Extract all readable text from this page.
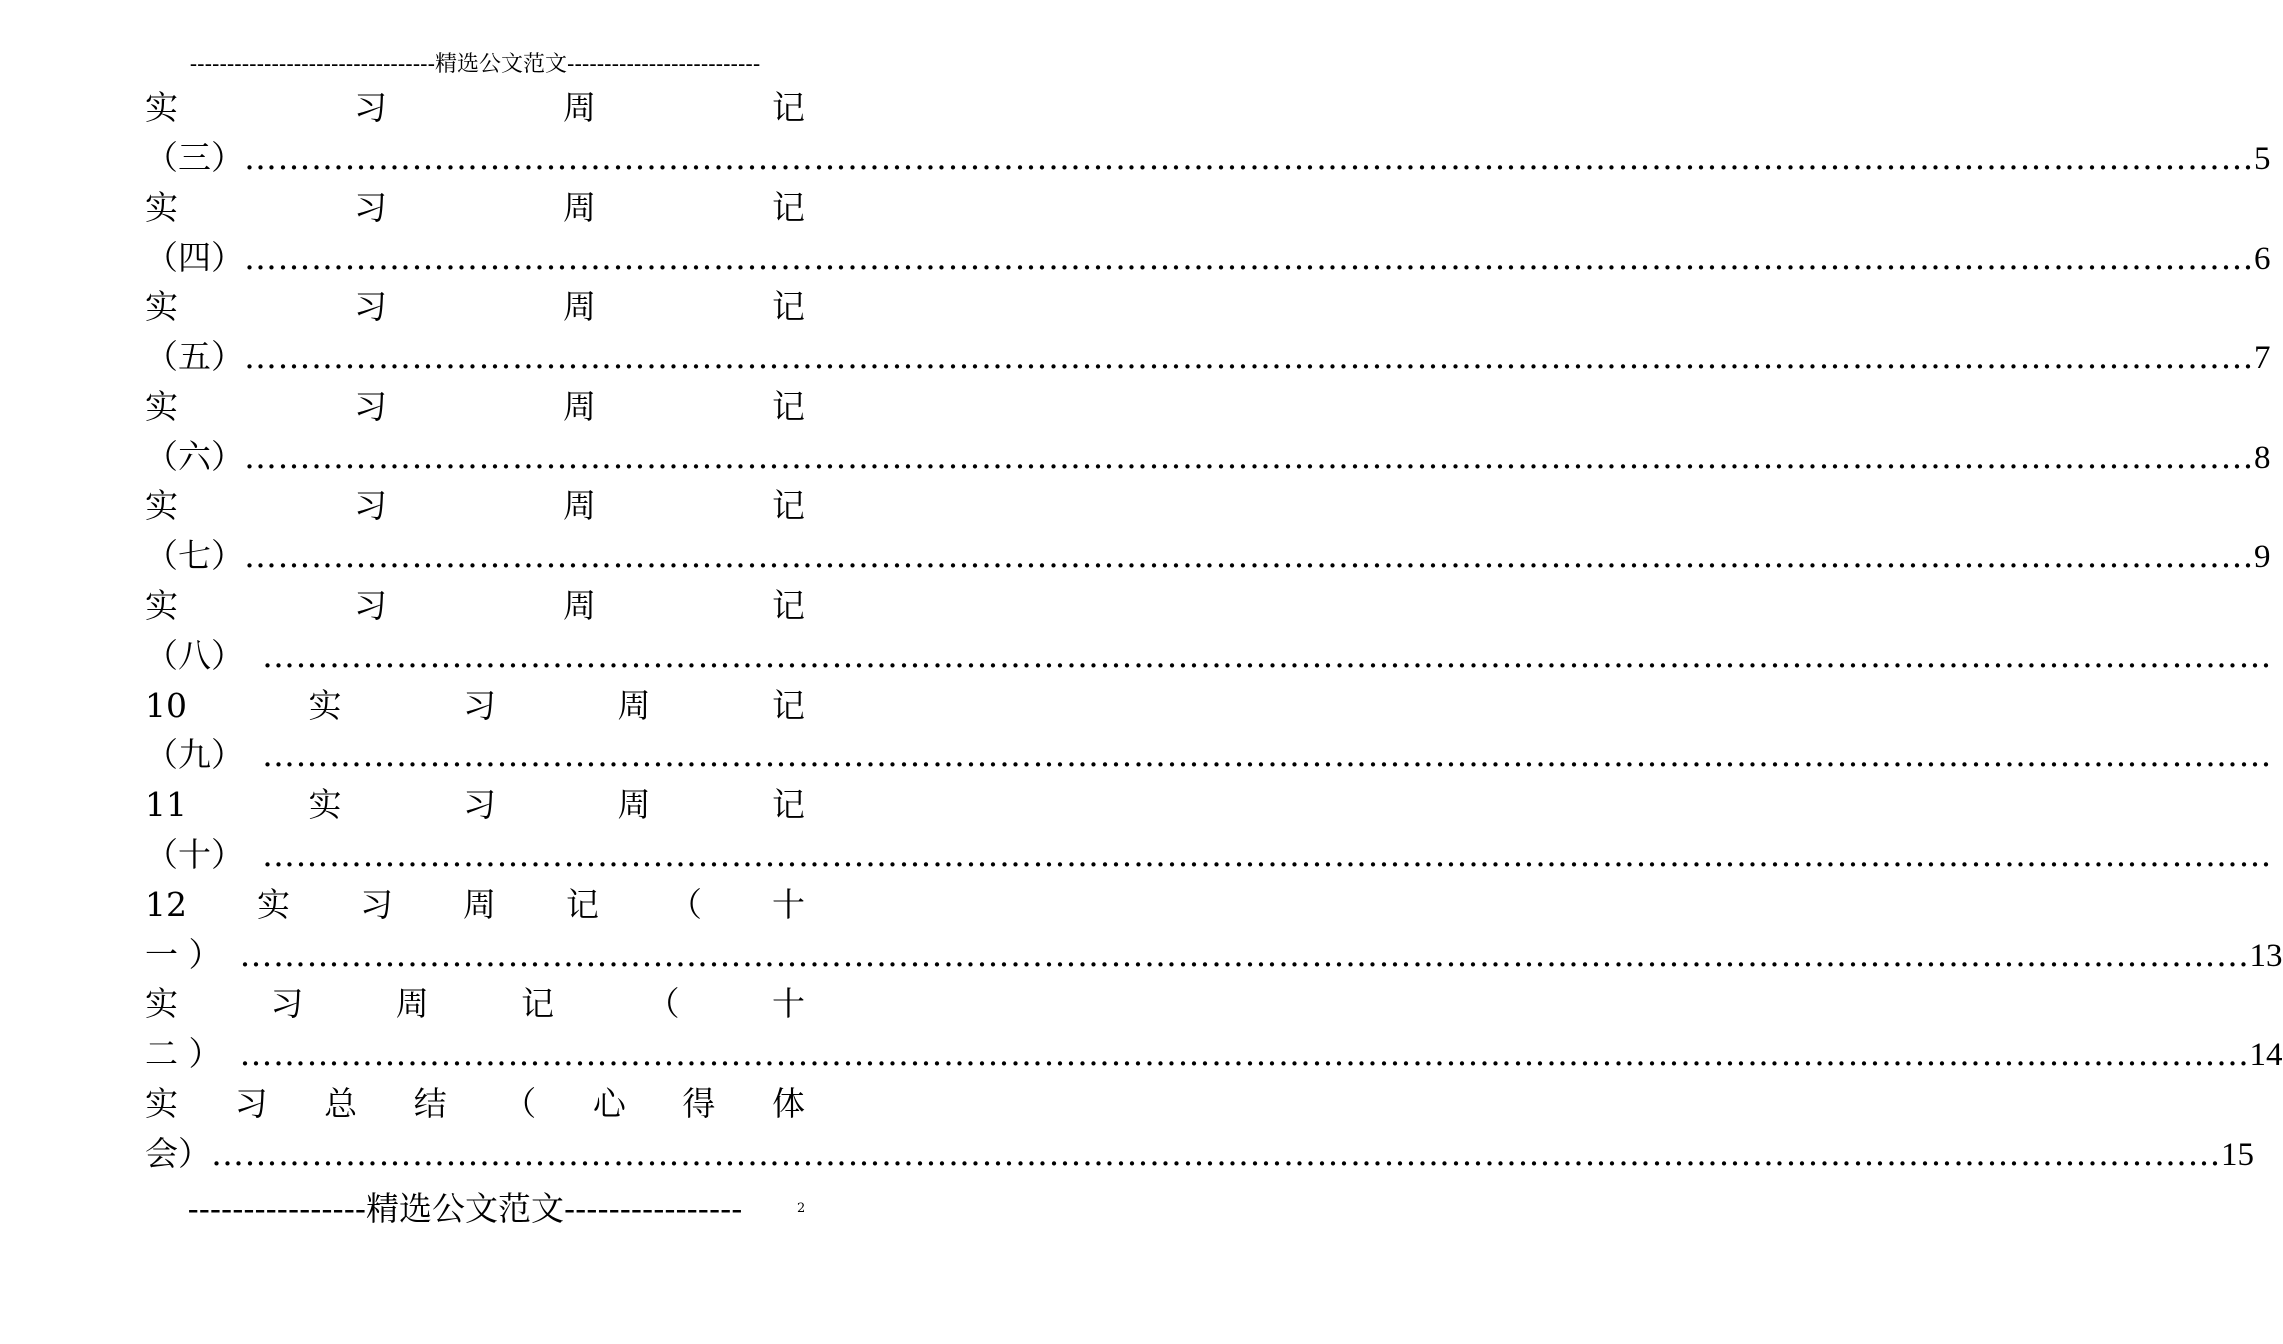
---------------------------------精选公文范文--------------------------
实	习	周	记
（三） ……………………………………………………………………………………………………………………………………………………………… 5
实	习	周	记
（四） ……………………………………………………………………………………………………………………………………………………………… 6
实	习	周	记
（五） ……………………………………………………………………………………………………………………………………………………………… 7
实	习	周	记
（六） ……………………………………………………………………………………………………………………………………………………………… 8
实	习	周	记
（七） ……………………………………………………………………………………………………………………………………………………………… 9
实	习	周	记
（八） ………………………………………………………………………………………………………………………………………………………………
10	实	习	周	记
（九） ………………………………………………………………………………………………………………………………………………………………
11	实	习	周	记
（十） ………………………………………………………………………………………………………………………………………………………………
12 实 习 周 记 （ 十
一 ） ……………………………………………………………………………………………………………………………………………………………… 13
实	习	周	记	（	十
二 ） ……………………………………………………………………………………………………………………………………………………………… 14
实 习 总 结 （ 心 得 体
会） ……………………………………………………………………………………………………………………………………………………………… 15
----------------精选公文范文----------------	2
